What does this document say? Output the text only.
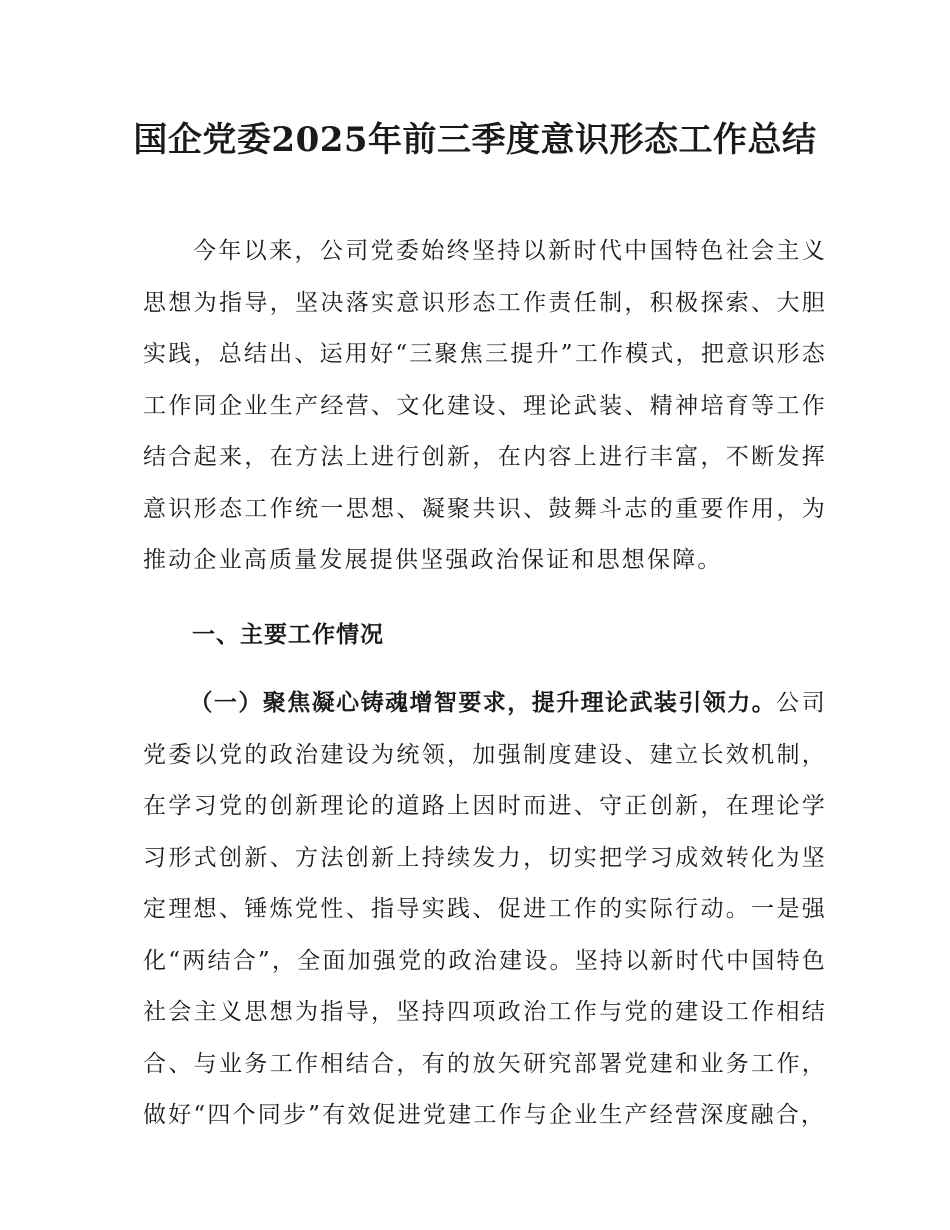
国企党委2025年前三季度意识形态工作总结

今年以来，公司党委始终坚持以新时代中国特色社会主义思想为指导，坚决落实意识形态工作责任制，积极探索、大胆实践，总结出、运用好“三聚焦三提升”工作模式，把意识形态工作同企业生产经营、文化建设、理论武装、精神培育等工作结合起来，在方法上进行创新，在内容上进行丰富，不断发挥意识形态工作统一思想、凝聚共识、鼓舞斗志的重要作用，为推动企业高质量发展提供坚强政治保证和思想保障。

一、主要工作情况

（一）聚焦凝心铸魂增智要求，提升理论武装引领力。公司党委以党的政治建设为统领，加强制度建设、建立长效机制，在学习党的创新理论的道路上因时而进、守正创新，在理论学习形式创新、方法创新上持续发力，切实把学习成效转化为坚定理想、锤炼党性、指导实践、促进工作的实际行动。一是强化“两结合”，全面加强党的政治建设。坚持以新时代中国特色社会主义思想为指导，坚持四项政治工作与党的建设工作相结合、与业务工作相结合，有的放矢研究部署党建和业务工作，做好“四个同步”有效促进党建工作与企业生产经营深度融合，
